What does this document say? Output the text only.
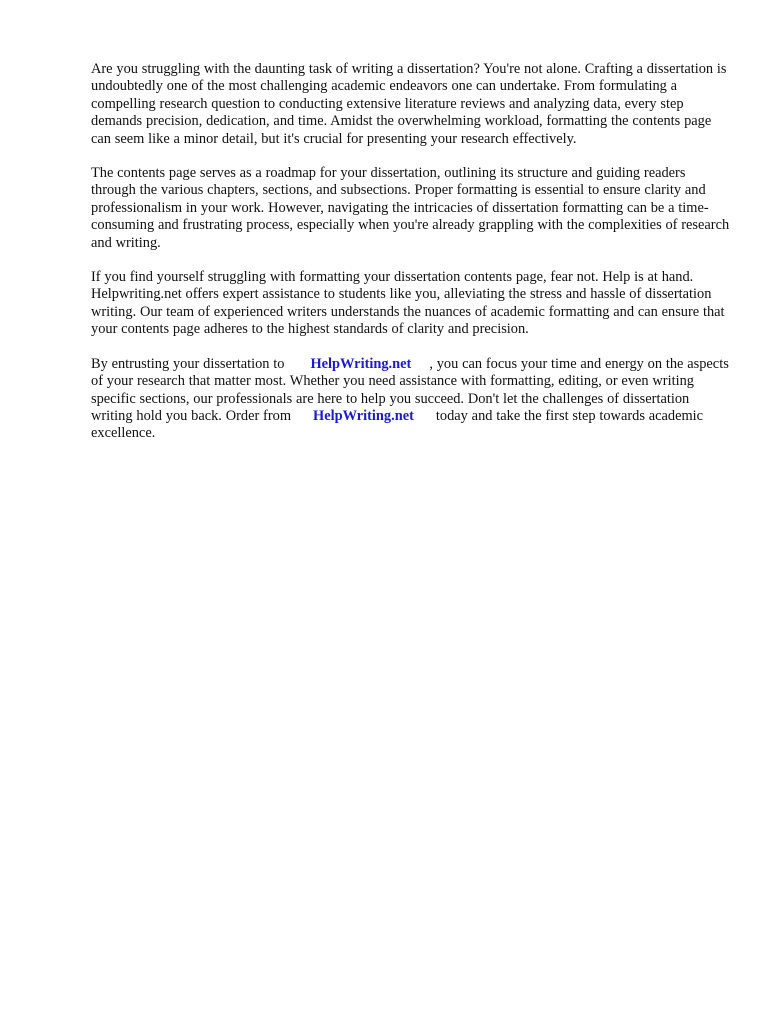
Are you struggling with the daunting task of writing a dissertation? You're not alone. Crafting a dissertation is undoubtedly one of the most challenging academic endeavors one can undertake. From formulating a compelling research question to conducting extensive literature reviews and analyzing data, every step demands precision, dedication, and time. Amidst the overwhelming workload, formatting the contents page can seem like a minor detail, but it's crucial for presenting your research effectively.

The contents page serves as a roadmap for your dissertation, outlining its structure and guiding readers through the various chapters, sections, and subsections. Proper formatting is essential to ensure clarity and professionalism in your work. However, navigating the intricacies of dissertation formatting can be a time-consuming and frustrating process, especially when you're already grappling with the complexities of research and writing.

If you find yourself struggling with formatting your dissertation contents page, fear not. Help is at hand. Helpwriting.net offers expert assistance to students like you, alleviating the stress and hassle of dissertation writing. Our team of experienced writers understands the nuances of academic formatting and can ensure that your contents page adheres to the highest standards of clarity and precision.

By entrusting your dissertation to HelpWriting.net , you can focus your time and energy on the aspects of your research that matter most. Whether you need assistance with formatting, editing, or even writing specific sections, our professionals are here to help you succeed. Don't let the challenges of dissertation writing hold you back. Order from HelpWriting.net today and take the first step towards academic excellence.
